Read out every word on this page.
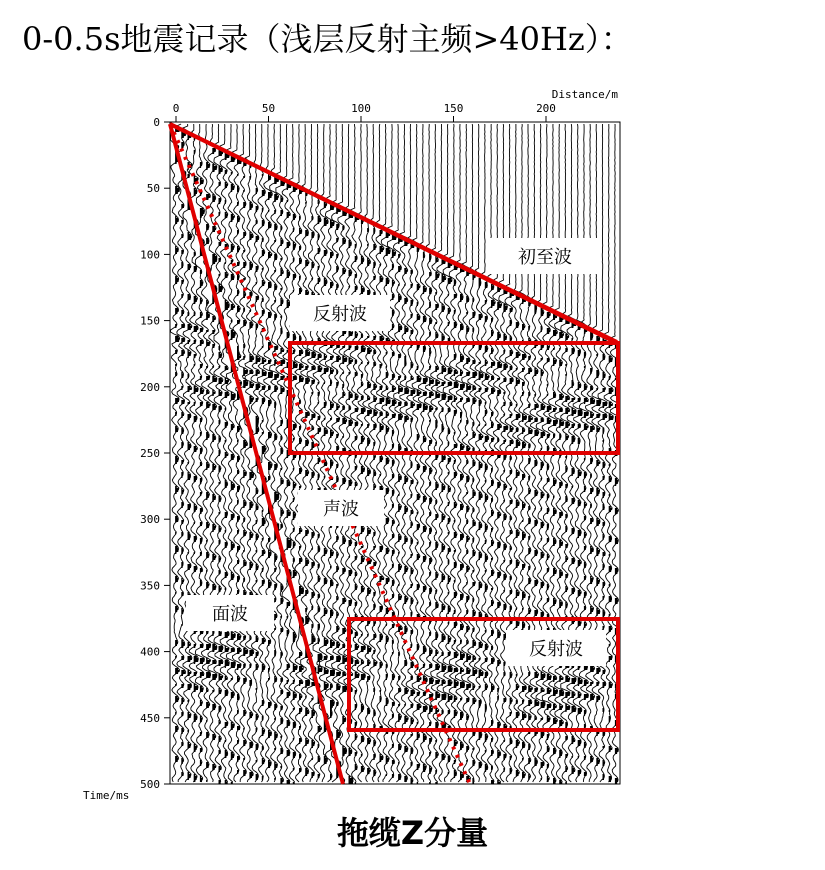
0-0.5s地震记录（浅层反射主频>40Hz）：
0	50	100	150	200
0
50
100
150
200
250
300
350
400
450
500
Distance/m
Time/ms
初至波
反射波
声波
面波
反射波
拖缆Z分量
